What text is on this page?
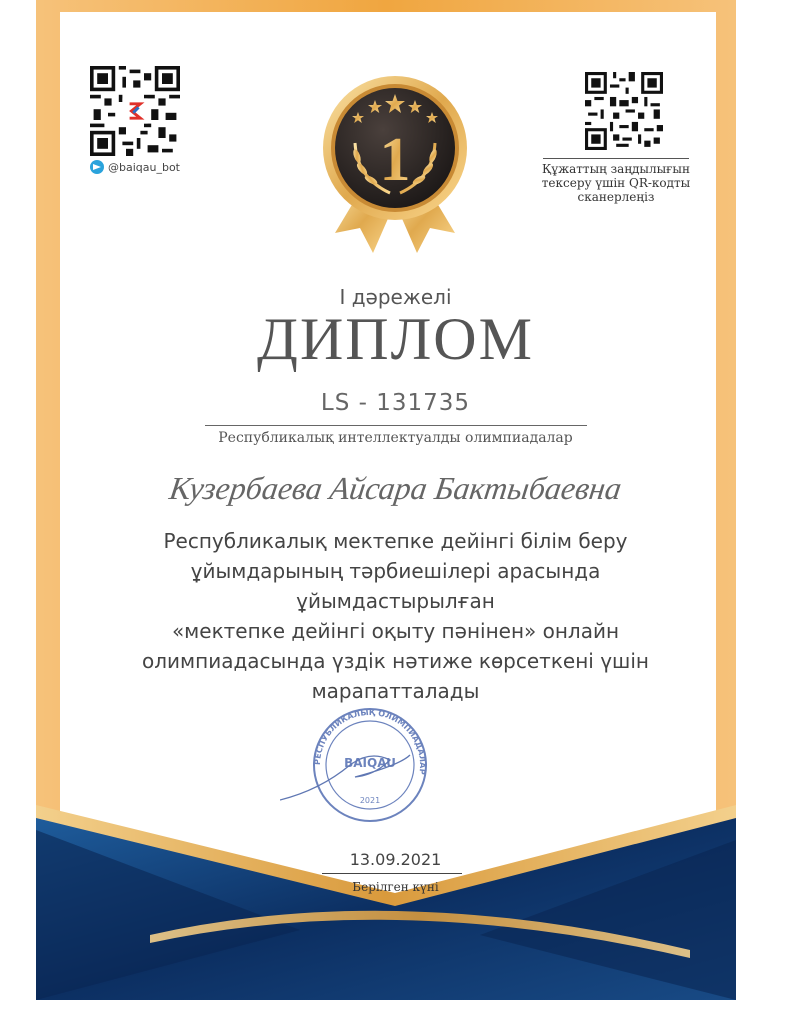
@baiqau_bot	Құжаттың заңдылығын
тексеру үшін QR-кодты
сканерлеңіз
1
I дәрежелі
ДИПЛОМ
LS - 131735
Республикалық интеллектуалды олимпиадалар
Кузербаева Айсара Бактыбаевна
Республикалық мектепке дейінгі білім беру
ұйымдарының тәрбиешілері арасында ұйымдастырылған
«мектепке дейінгі оқыту пәнінен» онлайн
олимпиадасында үздік нәтиже көрсеткені үшін
марапатталады
РЕСПУБЛИКАЛЫҚ ОЛИМПИАДАЛАР
BAIQAU
2021
13.09.2021
Берілген күні
